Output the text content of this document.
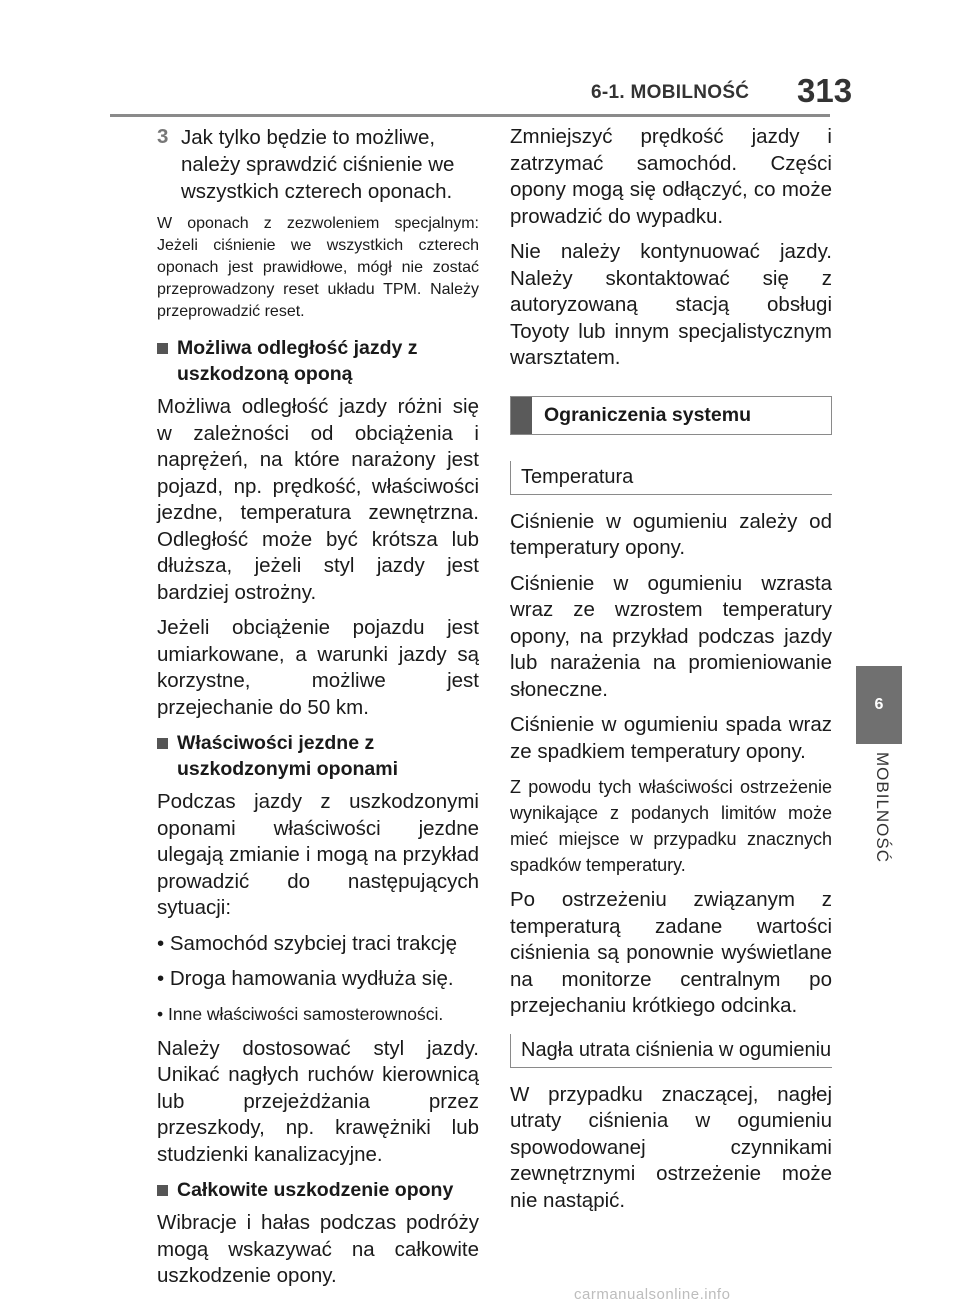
6-1. MOBILNOŚĆ 313
6
MOBILNOŚĆ
3 Jak tylko będzie to możliwe, należy sprawdzić ciśnienie we wszystkich czterech oponach.

W oponach z zezwoleniem specjalnym: Jeżeli ciśnienie we wszystkich czterech oponach jest prawidłowe, mógł nie zostać przeprowadzony reset układu TPM. Należy przeprowadzić reset.

Możliwa odległość jazdy z uszkodzoną oponą

Możliwa odległość jazdy różni się w zależności od obciążenia i naprężeń, na które narażony jest pojazd, np. prędkość, właściwości jezdne, temperatura zewnętrzna. Odległość może być krótsza lub dłuższa, jeżeli styl jazdy jest bardziej ostrożny.

Jeżeli obciążenie pojazdu jest umiarkowane, a warunki jazdy są korzystne, możliwe jest przejechanie do 50 km.

Właściwości jezdne z uszkodzonymi oponami

Podczas jazdy z uszkodzonymi oponami właściwości jezdne ulegają zmianie i mogą na przykład prowadzić do następujących sytuacji:

• Samochód szybciej traci trakcję
• Droga hamowania wydłuża się.
• Inne właściwości samosterowności.

Należy dostosować styl jazdy. Unikać nagłych ruchów kierownicą lub przejeżdżania przez przeszkody, np. krawężniki lub studzienki kanalizacyjne.

Całkowite uszkodzenie opony

Wibracje i hałas podczas podróży mogą wskazywać na całkowite uszkodzenie opony.

Zmniejszyć prędkość jazdy i zatrzymać samochód. Części opony mogą się odłączyć, co może prowadzić do wypadku.

Nie należy kontynuować jazdy. Należy skontaktować się z autoryzowaną stacją obsługi Toyoty lub innym specjalistycznym warsztatem.

Ograniczenia systemu
Temperatura

Ciśnienie w ogumieniu zależy od temperatury opony.

Ciśnienie w ogumieniu wzrasta wraz ze wzrostem temperatury opony, na przykład podczas jazdy lub narażenia na promieniowanie słoneczne.

Ciśnienie w ogumieniu spada wraz ze spadkiem temperatury opony.

Z powodu tych właściwości ostrzeżenie wynikające z podanych limitów może mieć miejsce w przypadku znacznych spadków temperatury.

Po ostrzeżeniu związanym z temperaturą zadane wartości ciśnienia są ponownie wyświetlane na monitorze centralnym po przejechaniu krótkiego odcinka.

Nagła utrata ciśnienia w ogumieniu

W przypadku znaczącej, nagłej utraty ciśnienia w ogumieniu spowodowanej czynnikami zewnętrznymi ostrzeżenie może nie nastąpić.

carmanualsonline.info
